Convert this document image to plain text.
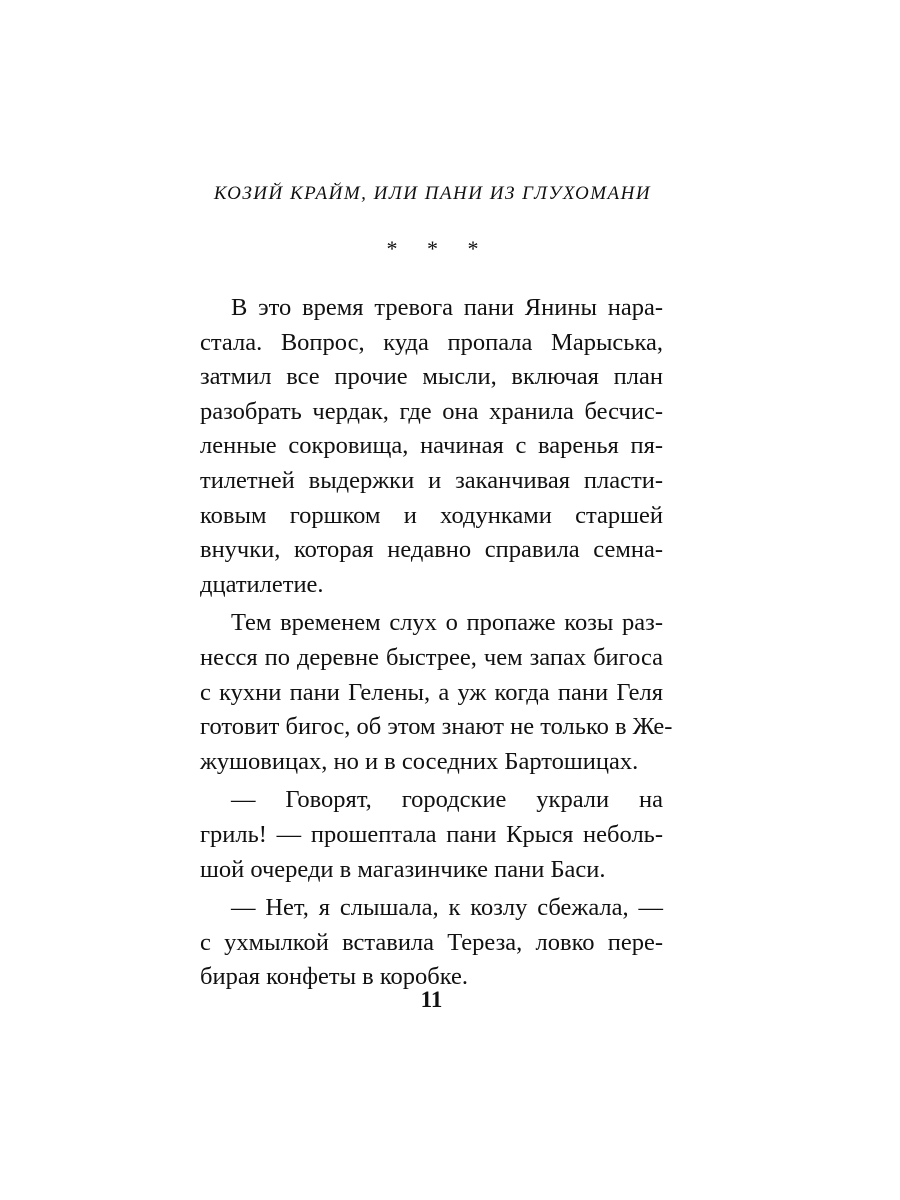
КОЗИЙ КРАЙМ, ИЛИ ПАНИ ИЗ ГЛУХОМАНИ
* * *
В это время тревога пани Янины нара-
стала. Вопрос, куда пропала Марыська,
затмил все прочие мысли, включая план
разобрать чердак, где она хранила бесчис-
ленные сокровища, начиная с варенья пя-
тилетней выдержки и заканчивая пласти-
ковым горшком и ходунками старшей
внучки, которая недавно справила семна-
дцатилетие.
Тем временем слух о пропаже козы раз-
несся по деревне быстрее, чем запах бигоса
с кухни пани Гелены, а уж когда пани Геля
готовит бигос, об этом знают не только в Же-
жушовицах, но и в соседних Бартошицах.
— Говорят, городские украли на
гриль! — прошептала пани Крыся неболь-
шой очереди в магазинчике пани Баси.
— Нет, я слышала, к козлу сбежала, —
с ухмылкой вставила Тереза, ловко пере-
бирая конфеты в коробке.
11
